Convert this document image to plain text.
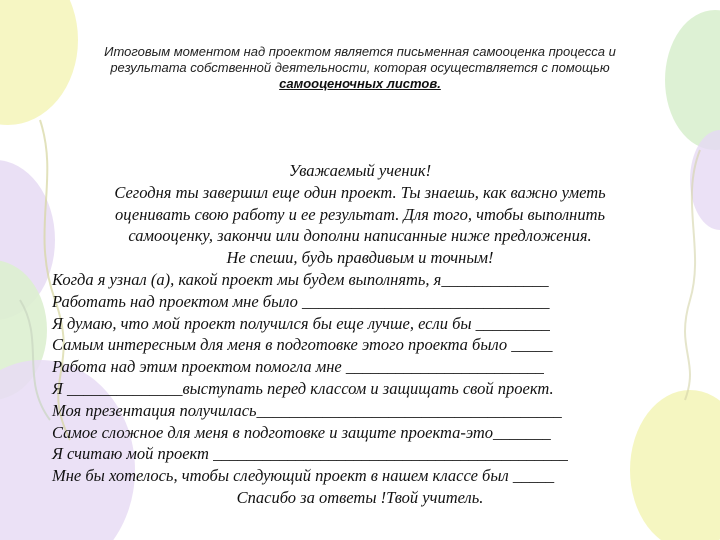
Итоговым моментом над проектом является письменная самооценка процесса и
результата собственной деятельности, которая осуществляется с помощью
самооценочных листов.
Уважаемый ученик!
Сегодня ты завершил еще один проект. Ты знаешь, как важно уметь
оценивать свою работу и ее результат. Для того, чтобы выполнить
самооценку, закончи или дополни написанные ниже предложения.
Не спеши, будь правдивым и точным!
Когда я узнал (а), какой проект мы будем выполнять, я_____________
Работать над проектом мне было ______________________________
Я думаю, что мой проект получился бы еще лучше, если бы _________
Самым интересным для меня в подготовке этого проекта было _____
Работа над этим проектом помогла мне ________________________
Я ______________выступать перед классом и защищать свой проект.
Моя презентация получилась_____________________________________
Самое сложное для меня в подготовке и защите проекта-это_______
Я считаю мой проект ___________________________________________
Мне бы хотелось, чтобы следующий проект в нашем классе был _____
Спасибо за ответы !Твой учитель.
